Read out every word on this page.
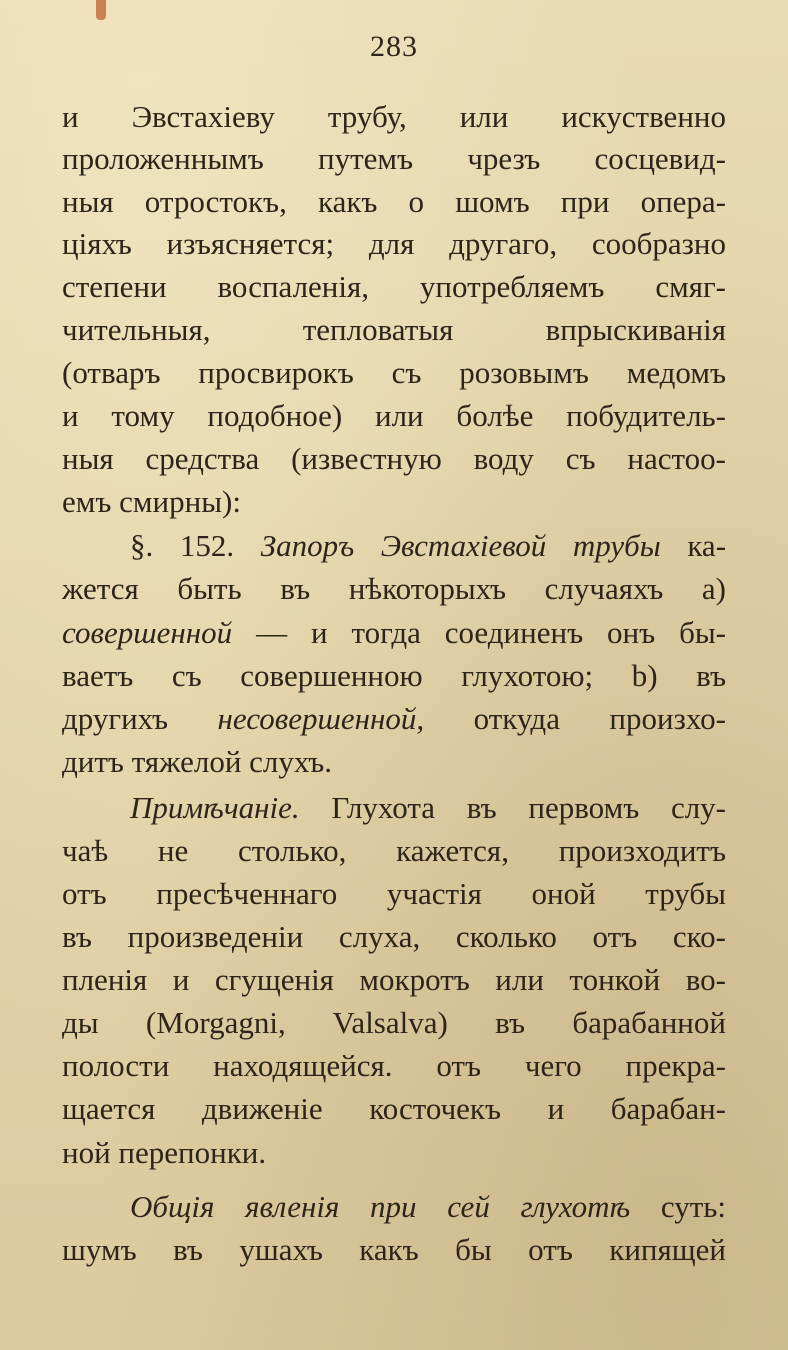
283
и Эвстахіеву трубу, или искуственно
проложеннымъ путемъ чрезъ сосцевид-
ныя отростокъ, какъ о шомъ при опера-
ціяхъ изъясняется; для другаго, сообразно
степени воспаленія, употребляемъ смяг-
чительныя, тепловатыя впрыскиванія
(отваръ просвирокъ съ розовымъ медомъ
и тому подобное) или болѣе побудитель-
ныя средства (известную воду съ настоо-
емъ смирны):
§. 152. Запоръ Эвстахіевой трубы ка-
жется быть въ нѣкоторыхъ случаяхъ а)
совершенной — и тогда соединенъ онъ бы-
ваетъ съ совершенною глухотою; b) въ
другихъ несовершенной, откуда произхо-
дитъ тяжелой слухъ.
Примѣчаніе. Глухота въ первомъ слу-
чаѣ не столько, кажется, произходитъ
отъ пресѣченнаго участія оной трубы
въ произведеніи слуха, сколько отъ ско-
пленія и сгущенія мокротъ или тонкой во-
ды (Morgagni, Valsalva) въ барабанной
полости находящейся. отъ чего прекра-
щается движеніе косточекъ и барабан-
ной перепонки.
Общія явленія при сей глухотѣ суть:
шумъ въ ушахъ какъ бы отъ кипящей
